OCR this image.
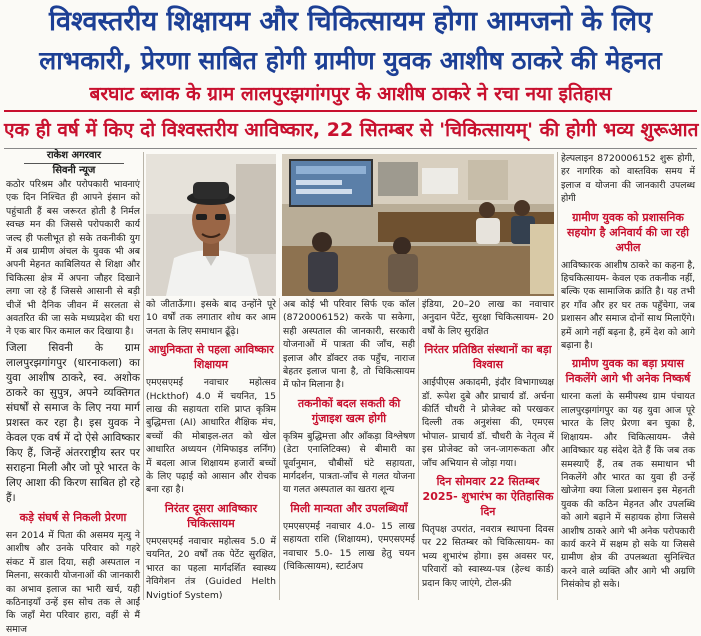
विश्वस्तरीय शिक्षायम और चिकित्सायम होगा आमजनो के लिए
लाभकारी, प्रेरणा साबित होगी ग्रामीण युवक आशीष ठाकरे की मेहनत
बरघाट ब्लाक के ग्राम लालपुरझगांगपुर के आशीष ठाकरे ने रचा नया इतिहास
एक ही वर्ष में किए दो विश्वस्तरीय आविष्कार, 22 सितम्बर से 'चिकित्सायम्' की होगी भव्य शुरूआत
राकेश अगरवार
सिवनी न्यूज

कठोर परिश्रम और परोपकारी भावनाएं एक दिन निश्चित ही आपने इंसान को पहुंचाती हैं बस जरूरत होती है निर्मल स्वच्छ मन की जिससे परोपकारी कार्य जल्द ही फलीभूत हो सके तकनीकी युग में अब ग्रामीण अंचल के युवक भी अब अपनी मेहनत काबिलियत से शिक्षा और चिकित्सा क्षेत्र में अपना जौहर दिखाने लगा जा रहे हैं जिससे आसानी से बड़ी चीजें भी दैनिक जीवन में सरलता से अवतरित की जा सके मध्यप्रदेश की धरा ने एक बार फिर कमाल कर दिखाया है।

जिला सिवनी के ग्राम लालपुरझगांगपुर (धारनाकला) का युवा आशीष ठाकरे, स्व. अशोक ठाकरे का सुपुत्र, अपने व्यक्तिगत संघर्षों से समाज के लिए नया मार्ग प्रशस्त कर रहा है। इस युवक ने केवल एक वर्ष में दो ऐसे आविष्कार किए हैं, जिन्हें अंतरराष्ट्रीय स्तर पर सराहना मिली और जो पूरे भारत के लिए आशा की किरण साबित हो रहे हैं।

कड़े संघर्ष से निकली प्रेरणा

सन 2014 में पिता की असमय मृत्यु ने आशीष और उनके परिवार को गहरे संकट में डाल दिया, सही अस्पताल न मिलना, सरकारी योजनाओं की जानकारी का अभाव इलाज का भारी खर्च, यही कठिनाइयाँ उन्हें इस सोच तक ले आईं कि जहाँ मेरा परिवार हारा, वहीं से मैं समाज

को जीताऊँगा। इसके बाद उन्होंने पूरे 10 वर्षों तक लगातार शोध कर आम जनता के लिए समाधान ढूँढ़े।

आधुनिकता से पहला आविष्कार शिक्षायम

एमएसएमई नवाचार महोत्सव (Hckthof) 4.0 में चयनित, 15 लाख की सहायता राशि प्राप्त कृत्रिम बुद्धिमत्ता (AI) आधारित शैक्षिक मंच, बच्चों की मोबाइल-लत को खेल आधारित अध्ययन (गेमिफाइड लर्निंग) में बदला आज शिक्षायम हजारों बच्चों के लिए पढ़ाई को आसान और रोचक बना रहा है।

निरंतर दूसरा आविष्कार चिकित्सायम

एमएसएमई नवाचार महोत्सव 5.0 में चयनित, 20 वर्षों तक पेटेंट सुरक्षित, भारत का पहला मार्गदर्शित स्वास्थ्य नेविगेशन तंत्र (Guided Helth Nvigtiof System)

अब कोई भी परिवार सिर्फ एक कॉल (8720006152) करके पा सकेगा, सही अस्पताल की जानकारी, सरकारी योजनाओं में पात्रता की जाँच, सही इलाज और डॉक्टर तक पहुँच, नाराज बेहतर इलाज पाना है, तो चिकित्सायम में फोन मिलाना है।

तकनीकों बदल सकती की गुंजाइश खत्म होगी

कृत्रिम बुद्धिमत्ता और आँकड़ा विश्लेषण (डेटा एनालिटिक्स) से बीमारी का पूर्वानुमान, चौबीसों घंटे सहायता, मार्गदर्शन, पात्रता-जाँच से गलत योजना या गलत अस्पताल का खतरा शून्य

मिली मान्यता और उपलब्धियाँ

एमएसएमई नवाचार 4.0- 15 लाख सहायता राशि (शिक्षायम), एमएसएमई नवाचार 5.0- 15 लाख हेतु चयन (चिकित्सायम), स्टार्टअप

इंडिया, 20–20 लाख का नवाचार अनुदान पेटेंट, सुरक्षा चिकित्सायम- 20 वर्षों के लिए सुरक्षित

निरंतर प्रतिष्ठित संस्थानों का बड़ा विश्वास

आईपीएस अकादमी, इंदौर विभागाध्यक्ष डॉ. रूपेश दुबे और प्राचार्य डॉ. अर्चना कीर्ति चौधरी ने प्रोजेक्ट को परखकर दिल्ली तक अनुशंसा की, एमएस भोपाल- प्राचार्य डॉ. चौधरी के नेतृत्व में इस प्रोजेक्ट को जन-जागरूकता और जाँच अभियान से जोड़ा गया।

दिन सोमवार 22 सितम्बर 2025- शुभारंभ का ऐतिहासिक दिन

पितृपक्ष उपरांत, नवरात्र स्थापना दिवस पर 22 सितम्बर को चिकित्सायम- का भव्य शुभारंभ होगा। इस अवसर पर, परिवारों को स्वास्थ्य-पत्र (हेल्थ कार्ड) प्रदान किए जाएंगे, टोल-फ्री

हेल्पलाइन 8720006152 शुरू होगी, हर नागरिक को वास्तविक समय में इलाज व योजना की जानकारी उपलब्ध होगी

ग्रामीण युवक को प्रशासनिक सहयोग है अनिवार्य की जा रही अपील

आविष्कारक आशीष ठाकरे का कहना है, हिचकित्सायम- केवल एक तकनीक नहीं, बल्कि एक सामाजिक क्रांति है। यह तभी हर गाँव और हर घर तक पहुँचेगा, जब प्रशासन और समाज दोनों साथ मिलाएँगे। हमें आगे नहीं बढ़ना है, हमें देश को आगे बढ़ाना है।

ग्रामीण युवक का बड़ा प्रयास निकलेंगे आगे भी अनेक निष्कर्ष

धारना कलां के समीपस्थ ग्राम पंचायत लालपुरझगांगपुर का यह युवा आज पूरे भारत के लिए प्रेरणा बन चुका है, शिक्षायम- और चिकित्सायम- जैसे आविष्कार यह संदेश देते हैं कि जब तक समस्याएँ हैं, तब तक समाधान भी निकलेंगे और भारत का युवा ही उन्हें खोजेगा क्या जिला प्रशासन इस मेहनती युवक की कठिन मेहनत और उपलब्धि को आगे बढ़ाने में सहायक होगा जिससे आशीष ठाकरे आगे भी अनेक परोपकारी कार्य करने में सक्षम हो सके या जिससे ग्रामीण क्षेत्र की उपलब्धता सुनिश्चित करने वाले व्यक्ति और आगे भी अग्रणि निसंकोच हो सके।
